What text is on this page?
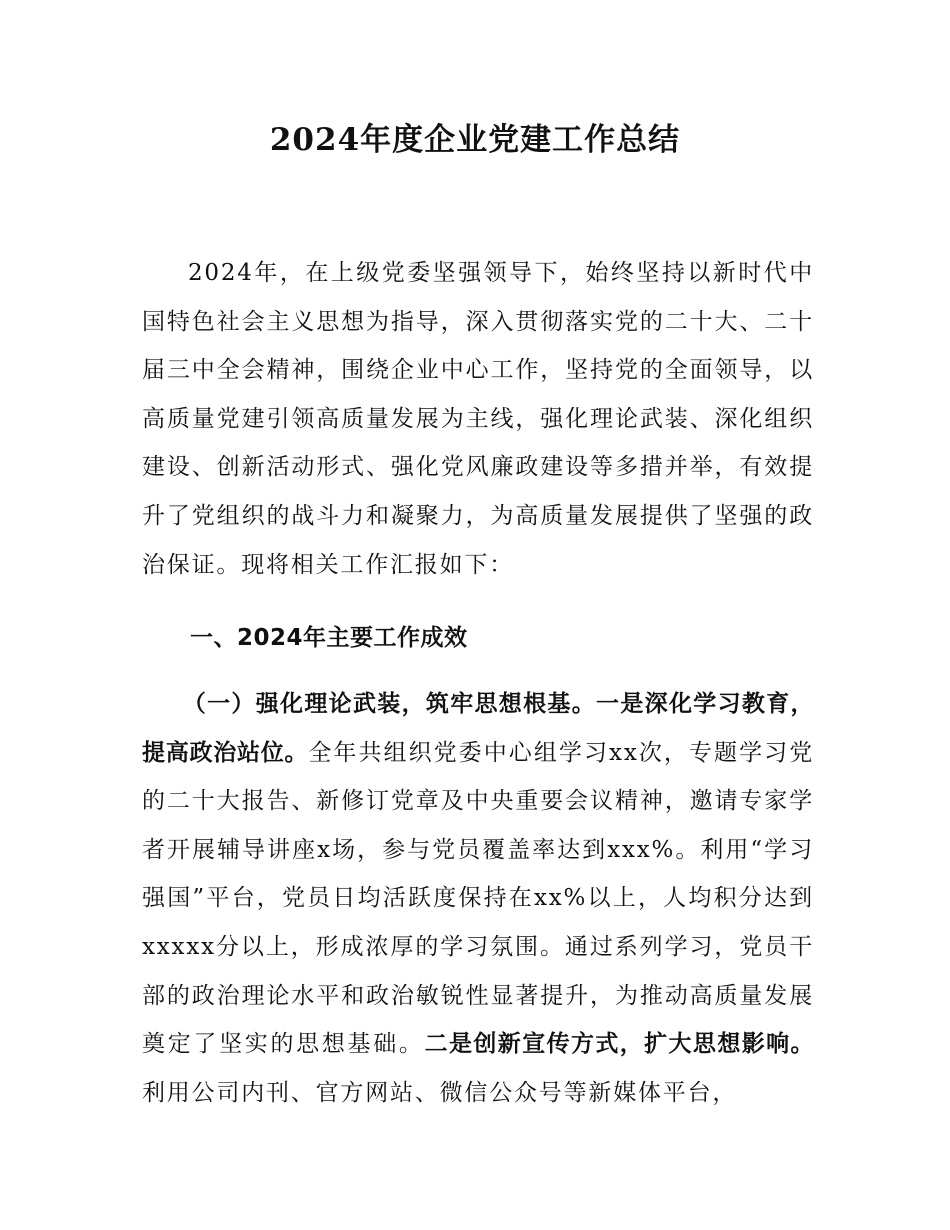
2024年度企业党建工作总结

2024年，在上级党委坚强领导下，始终坚持以新时代中国特色社会主义思想为指导，深入贯彻落实党的二十大、二十届三中全会精神，围绕企业中心工作，坚持党的全面领导，以高质量党建引领高质量发展为主线，强化理论武装、深化组织建设、创新活动形式、强化党风廉政建设等多措并举，有效提升了党组织的战斗力和凝聚力，为高质量发展提供了坚强的政治保证。现将相关工作汇报如下：

一、2024年主要工作成效

（一）强化理论武装，筑牢思想根基。一是深化学习教育，提高政治站位。全年共组织党委中心组学习xx次，专题学习党的二十大报告、新修订党章及中央重要会议精神，邀请专家学者开展辅导讲座x场，参与党员覆盖率达到xxx%。利用“学习强国”平台，党员日均活跃度保持在xx%以上，人均积分达到xxxxx分以上，形成浓厚的学习氛围。通过系列学习，党员干部的政治理论水平和政治敏锐性显著提升，为推动高质量发展奠定了坚实的思想基础。二是创新宣传方式，扩大思想影响。利用公司内刊、官方网站、微信公众号等新媒体平台，
